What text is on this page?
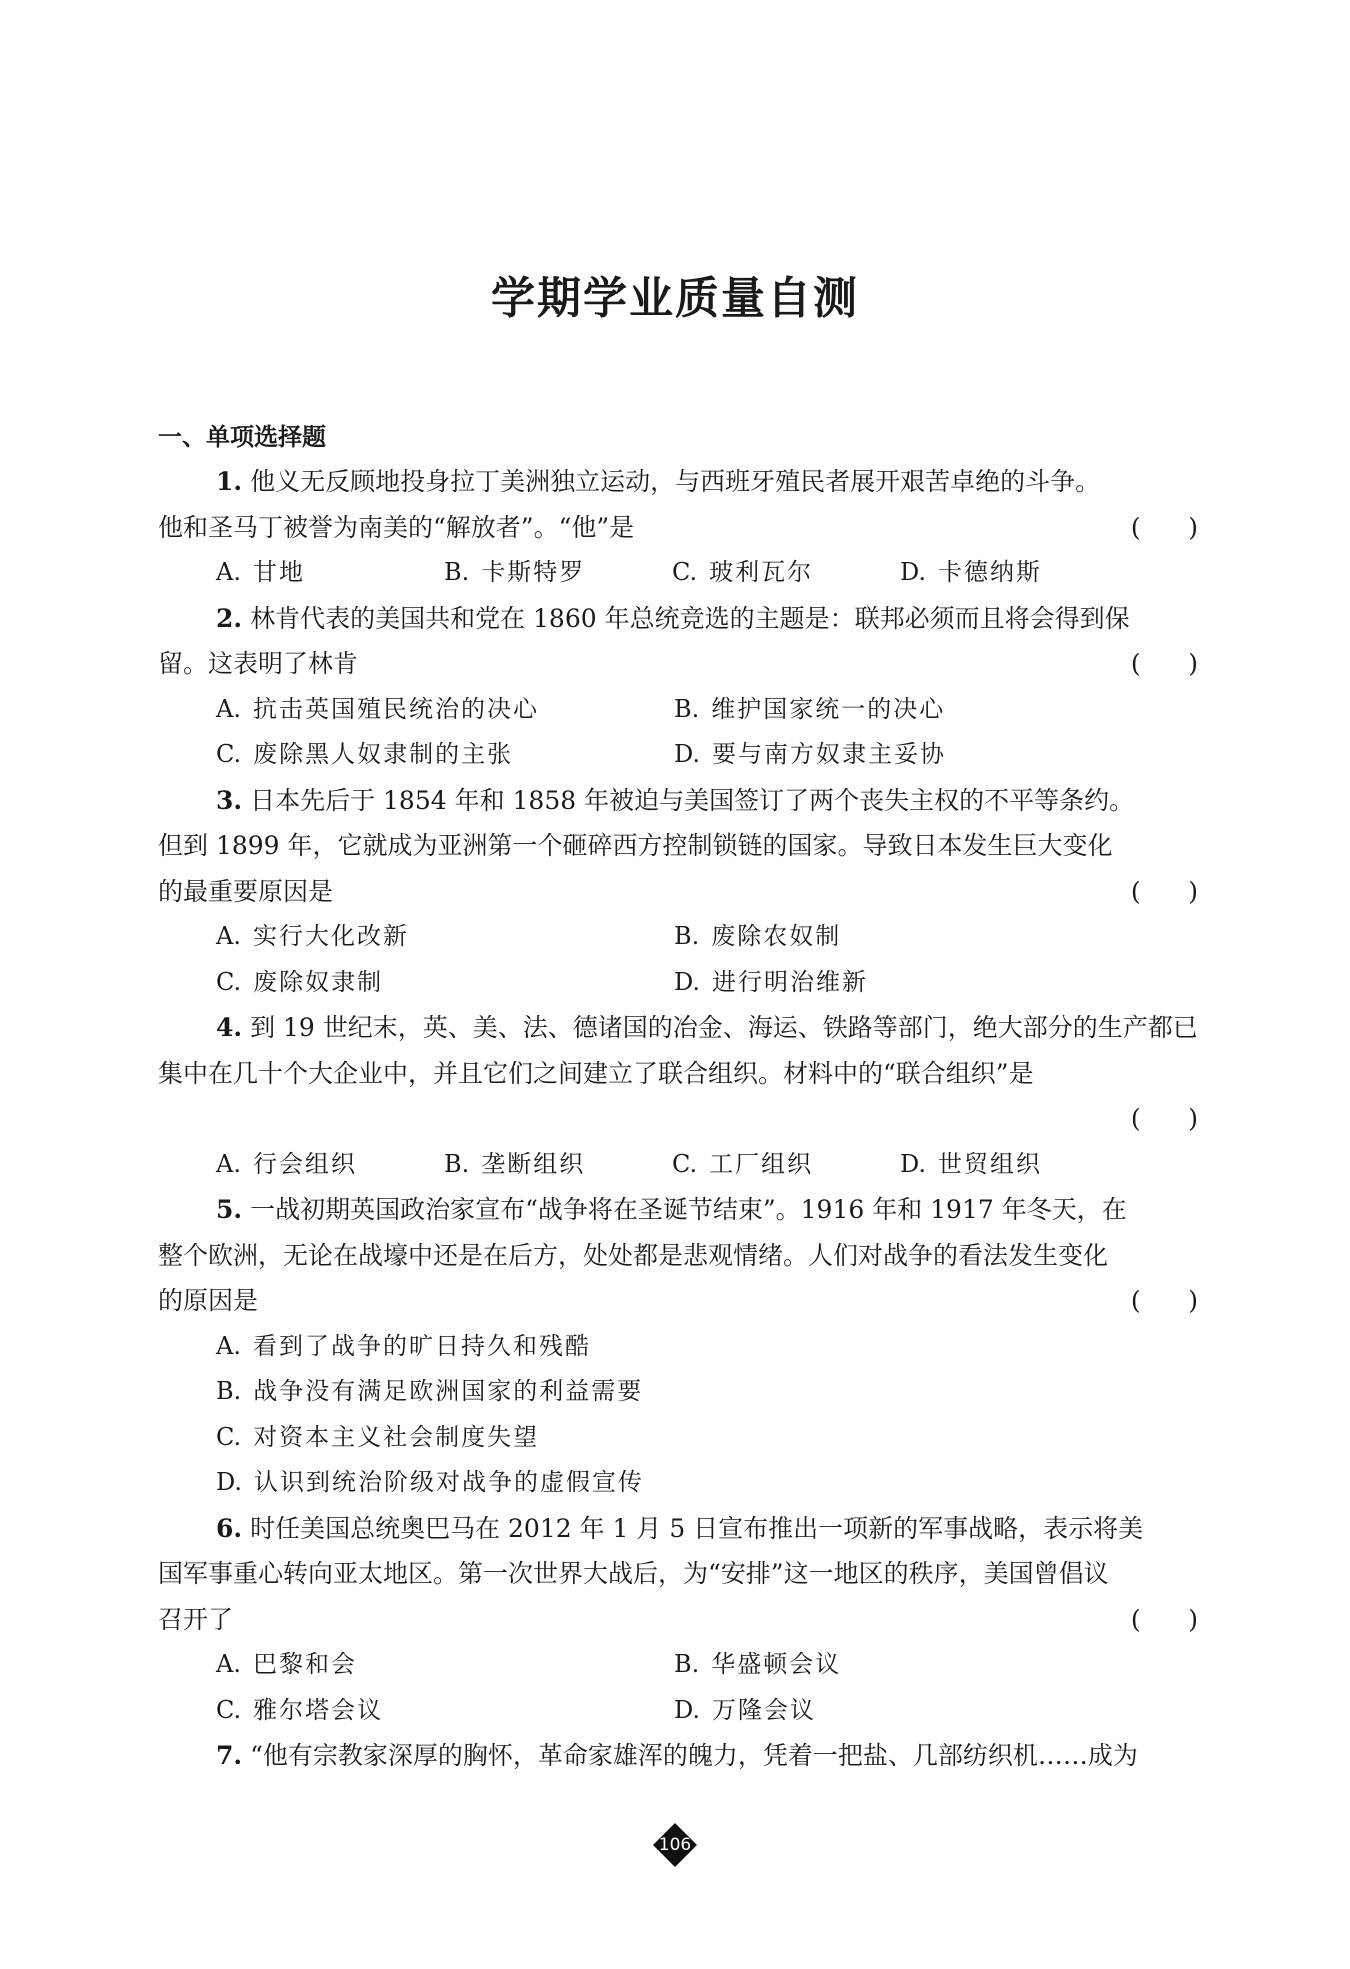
学期学业质量自测
一、单项选择题
1. 他义无反顾地投身拉丁美洲独立运动，与西班牙殖民者展开艰苦卓绝的斗争。
他和圣马丁被誉为南美的“解放者”。“他”是	(      )
A. 甘地	B. 卡斯特罗	C. 玻利瓦尔	D. 卡德纳斯
2. 林肯代表的美国共和党在 1860 年总统竞选的主题是：联邦必须而且将会得到保
留。这表明了林肯	(      )
A. 抗击英国殖民统治的决心	B. 维护国家统一的决心
C. 废除黑人奴隶制的主张	D. 要与南方奴隶主妥协
3. 日本先后于 1854 年和 1858 年被迫与美国签订了两个丧失主权的不平等条约。
但到 1899 年，它就成为亚洲第一个砸碎西方控制锁链的国家。导致日本发生巨大变化
的最重要原因是	(      )
A. 实行大化改新	B. 废除农奴制
C. 废除奴隶制	D. 进行明治维新
4. 到 19 世纪末，英、美、法、德诸国的冶金、海运、铁路等部门，绝大部分的生产都已
集中在几十个大企业中，并且它们之间建立了联合组织。材料中的“联合组织”是
(      )
A. 行会组织	B. 垄断组织	C. 工厂组织	D. 世贸组织
5. 一战初期英国政治家宣布“战争将在圣诞节结束”。1916 年和 1917 年冬天，在
整个欧洲，无论在战壕中还是在后方，处处都是悲观情绪。人们对战争的看法发生变化
的原因是	(      )
A. 看到了战争的旷日持久和残酷
B. 战争没有满足欧洲国家的利益需要
C. 对资本主义社会制度失望
D. 认识到统治阶级对战争的虚假宣传
6. 时任美国总统奥巴马在 2012 年 1 月 5 日宣布推出一项新的军事战略，表示将美
国军事重心转向亚太地区。第一次世界大战后，为“安排”这一地区的秩序，美国曾倡议
召开了	(      )
A. 巴黎和会	B. 华盛顿会议
C. 雅尔塔会议	D. 万隆会议
7. “他有宗教家深厚的胸怀，革命家雄浑的魄力，凭着一把盐、几部纺织机……成为
106
